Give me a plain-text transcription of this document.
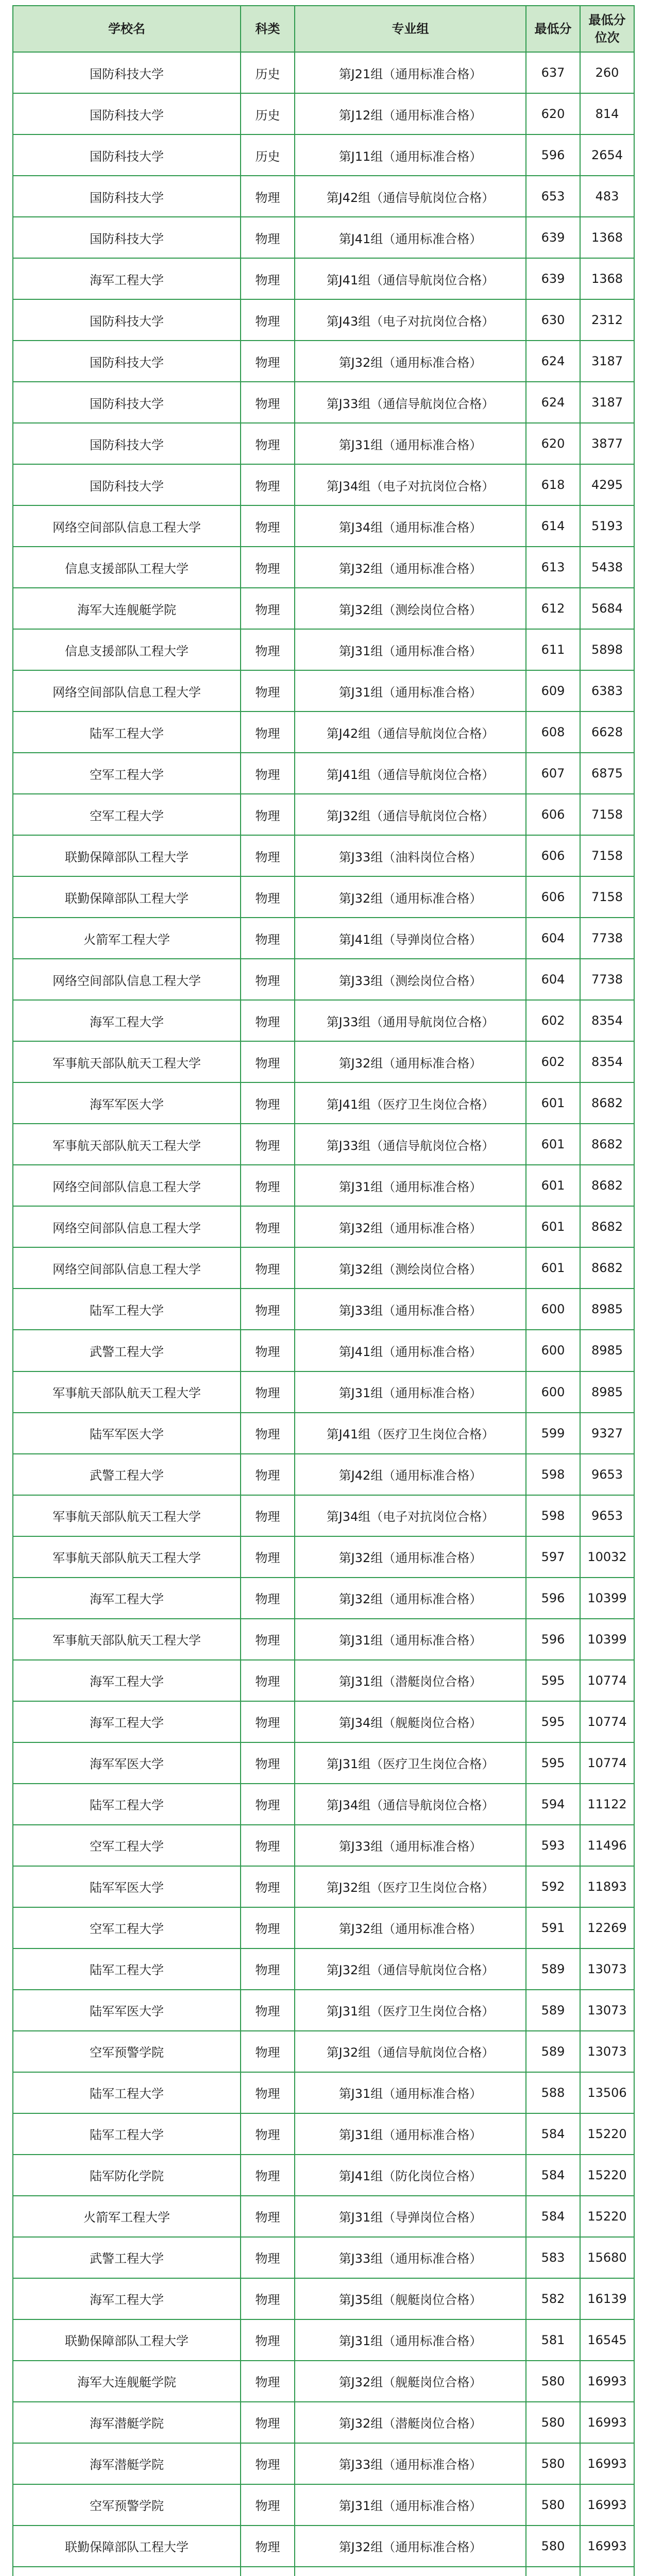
学校名	科类	专业组	最低分	最低分位次
国防科技大学	历史	第J21组（通用标准合格）	637	260
国防科技大学	历史	第J12组（通用标准合格）	620	814
国防科技大学	历史	第J11组（通用标准合格）	596	2654
国防科技大学	物理	第J42组（通信导航岗位合格）	653	483
国防科技大学	物理	第J41组（通用标准合格）	639	1368
海军工程大学	物理	第J41组（通信导航岗位合格）	639	1368
国防科技大学	物理	第J43组（电子对抗岗位合格）	630	2312
国防科技大学	物理	第J32组（通用标准合格）	624	3187
国防科技大学	物理	第J33组（通信导航岗位合格）	624	3187
国防科技大学	物理	第J31组（通用标准合格）	620	3877
国防科技大学	物理	第J34组（电子对抗岗位合格）	618	4295
网络空间部队信息工程大学	物理	第J34组（通用标准合格）	614	5193
信息支援部队工程大学	物理	第J32组（通用标准合格）	613	5438
海军大连舰艇学院	物理	第J32组（测绘岗位合格）	612	5684
信息支援部队工程大学	物理	第J31组（通用标准合格）	611	5898
网络空间部队信息工程大学	物理	第J31组（通用标准合格）	609	6383
陆军工程大学	物理	第J42组（通信导航岗位合格）	608	6628
空军工程大学	物理	第J41组（通信导航岗位合格）	607	6875
空军工程大学	物理	第J32组（通信导航岗位合格）	606	7158
联勤保障部队工程大学	物理	第J33组（油料岗位合格）	606	7158
联勤保障部队工程大学	物理	第J32组（通用标准合格）	606	7158
火箭军工程大学	物理	第J41组（导弹岗位合格）	604	7738
网络空间部队信息工程大学	物理	第J33组（测绘岗位合格）	604	7738
海军工程大学	物理	第J33组（通用导航岗位合格）	602	8354
军事航天部队航天工程大学	物理	第J32组（通用标准合格）	602	8354
海军军医大学	物理	第J41组（医疗卫生岗位合格）	601	8682
军事航天部队航天工程大学	物理	第J33组（通信导航岗位合格）	601	8682
网络空间部队信息工程大学	物理	第J31组（通用标准合格）	601	8682
网络空间部队信息工程大学	物理	第J32组（通用标准合格）	601	8682
网络空间部队信息工程大学	物理	第J32组（测绘岗位合格）	601	8682
陆军工程大学	物理	第J33组（通用标准合格）	600	8985
武警工程大学	物理	第J41组（通用标准合格）	600	8985
军事航天部队航天工程大学	物理	第J31组（通用标准合格）	600	8985
陆军军医大学	物理	第J41组（医疗卫生岗位合格）	599	9327
武警工程大学	物理	第J42组（通用标准合格）	598	9653
军事航天部队航天工程大学	物理	第J34组（电子对抗岗位合格）	598	9653
军事航天部队航天工程大学	物理	第J32组（通用标准合格）	597	10032
海军工程大学	物理	第J32组（通用标准合格）	596	10399
军事航天部队航天工程大学	物理	第J31组（通用标准合格）	596	10399
海军工程大学	物理	第J31组（潜艇岗位合格）	595	10774
海军工程大学	物理	第J34组（舰艇岗位合格）	595	10774
海军军医大学	物理	第J31组（医疗卫生岗位合格）	595	10774
陆军工程大学	物理	第J34组（通信导航岗位合格）	594	11122
空军工程大学	物理	第J33组（通用标准合格）	593	11496
陆军军医大学	物理	第J32组（医疗卫生岗位合格）	592	11893
空军工程大学	物理	第J32组（通用标准合格）	591	12269
陆军工程大学	物理	第J32组（通信导航岗位合格）	589	13073
陆军军医大学	物理	第J31组（医疗卫生岗位合格）	589	13073
空军预警学院	物理	第J32组（通信导航岗位合格）	589	13073
陆军工程大学	物理	第J31组（通用标准合格）	588	13506
陆军工程大学	物理	第J31组（通用标准合格）	584	15220
陆军防化学院	物理	第J41组（防化岗位合格）	584	15220
火箭军工程大学	物理	第J31组（导弹岗位合格）	584	15220
武警工程大学	物理	第J33组（通用标准合格）	583	15680
海军工程大学	物理	第J35组（舰艇岗位合格）	582	16139
联勤保障部队工程大学	物理	第J31组（通用标准合格）	581	16545
海军大连舰艇学院	物理	第J32组（舰艇岗位合格）	580	16993
海军潜艇学院	物理	第J32组（潜艇岗位合格）	580	16993
海军潜艇学院	物理	第J33组（通用标准合格）	580	16993
空军预警学院	物理	第J31组（通用标准合格）	580	16993
联勤保障部队工程大学	物理	第J32组（通用标准合格）	580	16993
